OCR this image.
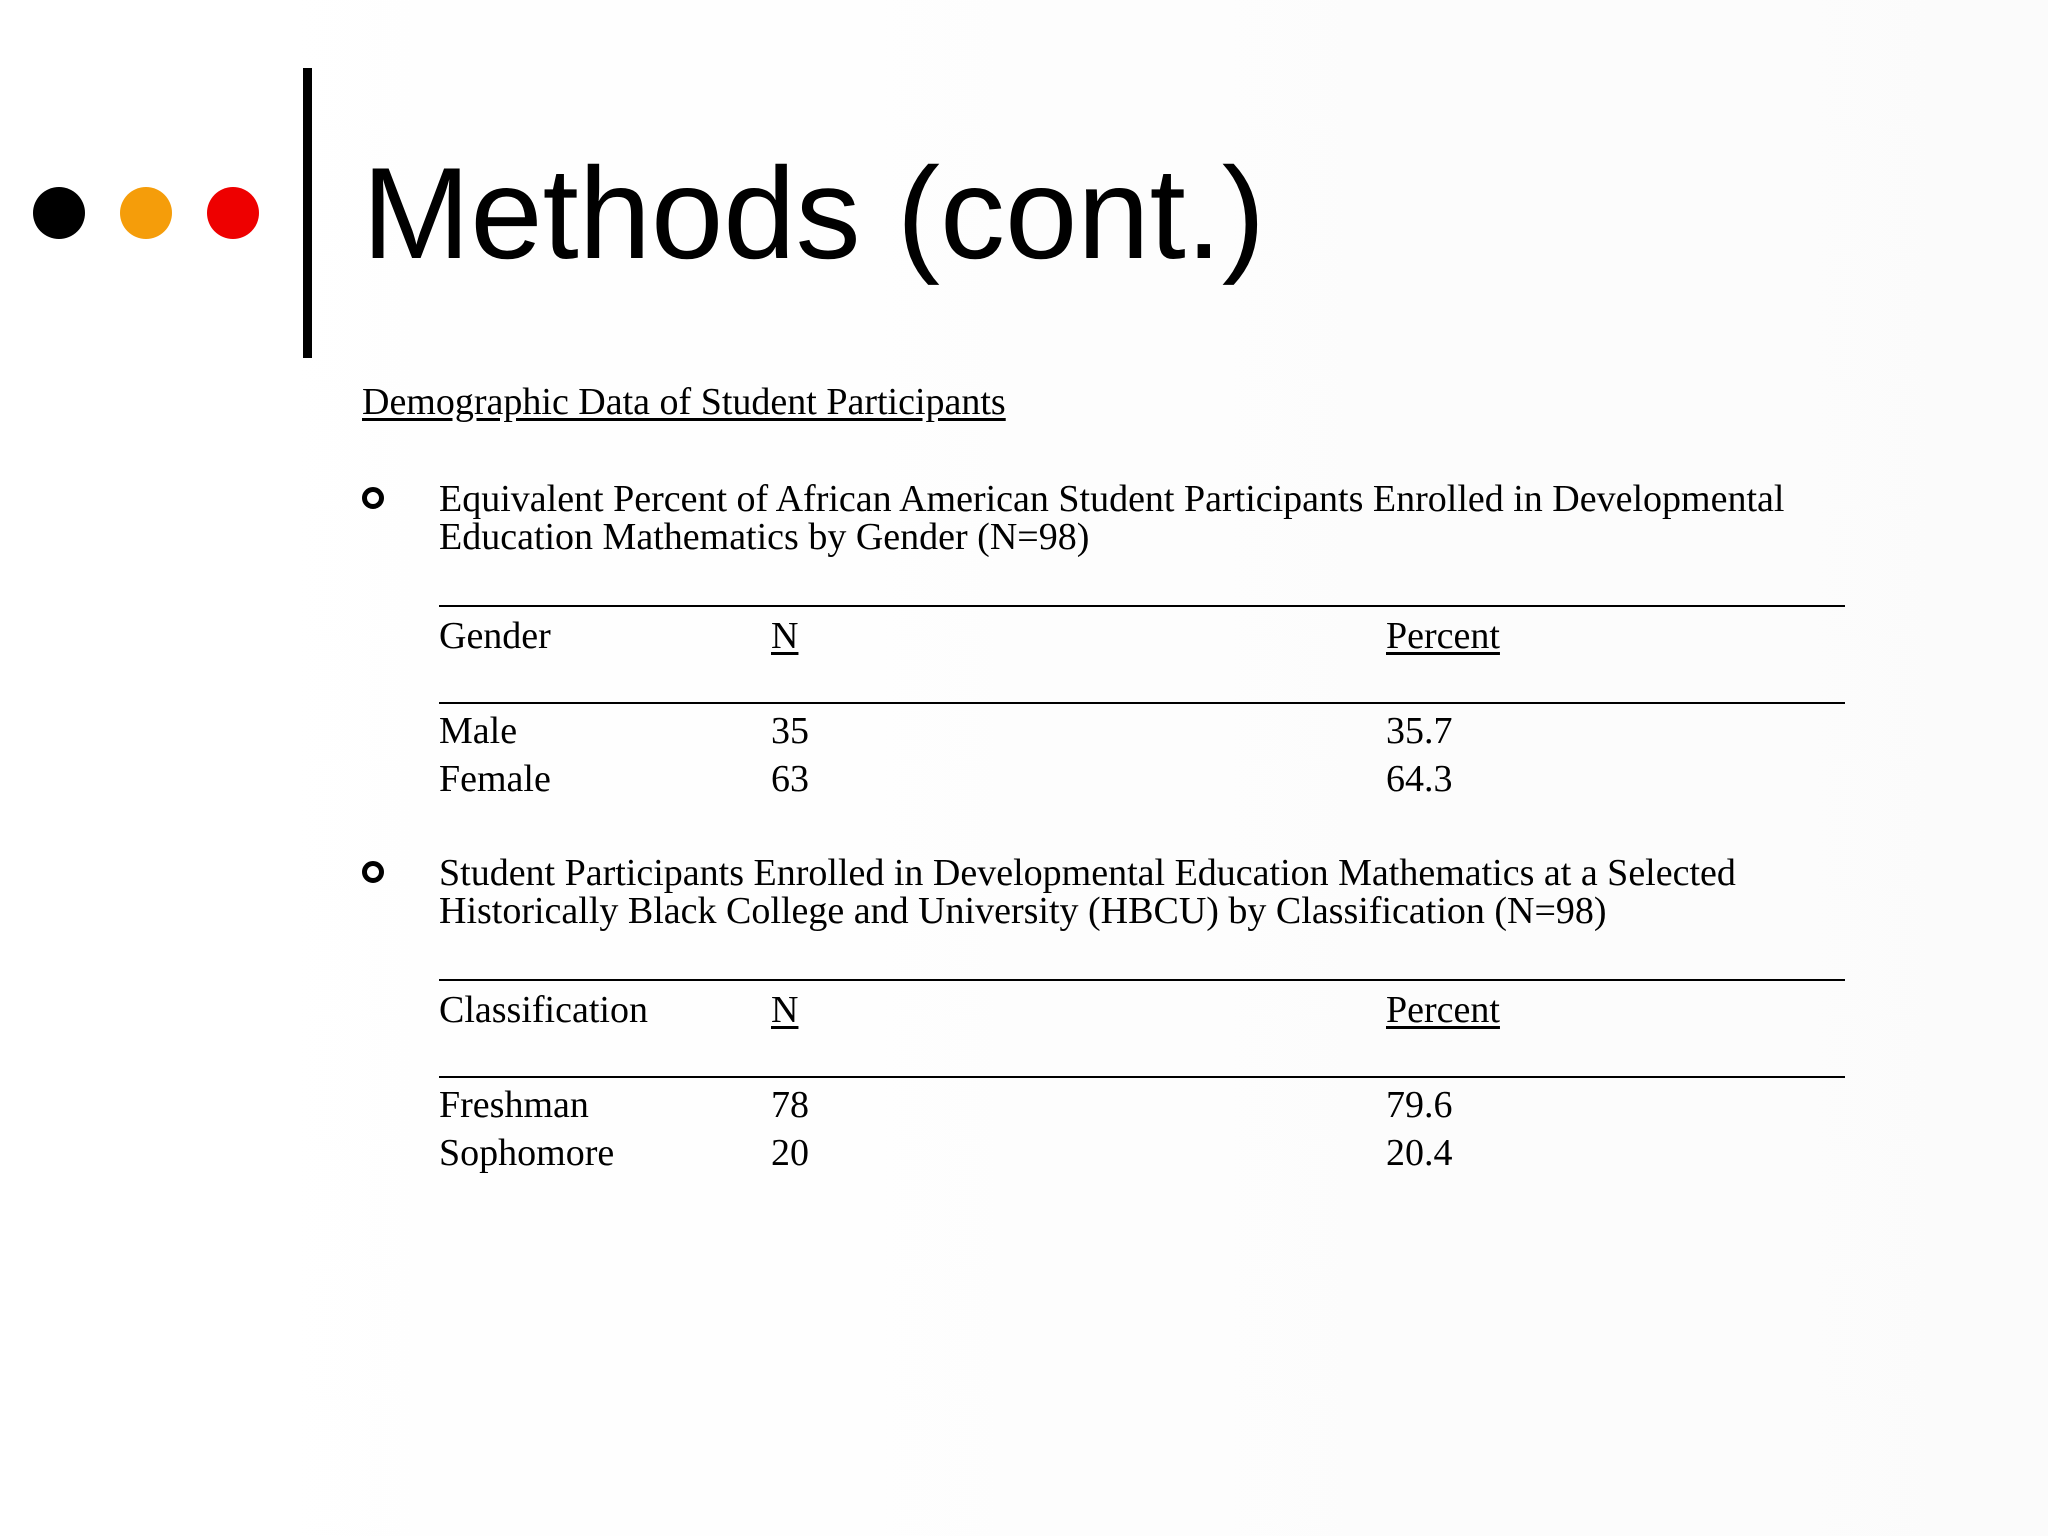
Methods (cont.)
Demographic Data of Student Participants

Equivalent Percent of African American Student Participants Enrolled in Developmental Education Mathematics by Gender (N=98)

Gender	N	Percent

Male	35	35.7

Female	63	64.3

Student Participants Enrolled in Developmental Education Mathematics at a Selected Historically Black College and University (HBCU) by Classification (N=98)

Classification	N	Percent

Freshman	78	79.6

Sophomore	20	20.4
